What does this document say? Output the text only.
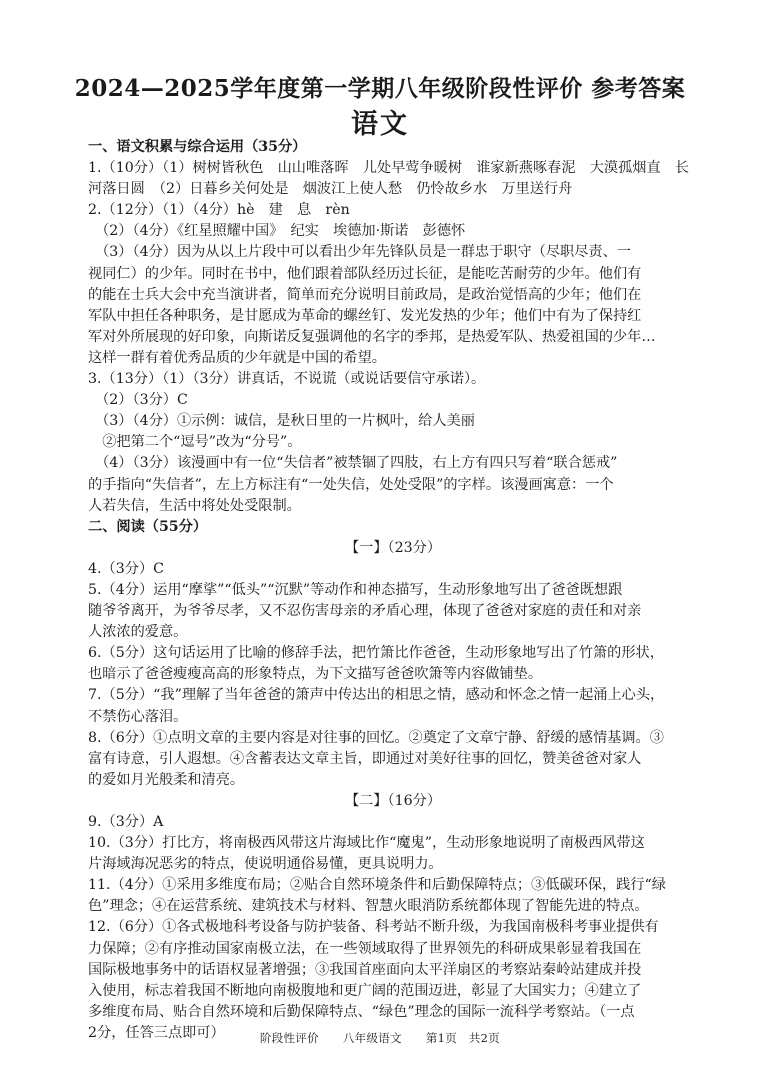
2024—2025学年度第一学期八年级阶段性评价 参考答案
语文
一、语文积累与综合运用（35分）
1.（10分）（1）树树皆秋色　山山唯落晖　儿处早莺争暖树　谁家新燕啄春泥　大漠孤烟直　长
河落日圆　（2）日暮乡关何处是　烟波江上使人愁　仍怜故乡水　万里送行舟
2.（12分）（1）（4分）hè　建　息　rèn
　（2）（4分）《红星照耀中国》　纪实　埃德加·斯诺　彭德怀
　（3）（4分）因为从以上片段中可以看出少年先锋队员是一群忠于职守（尽职尽责、一
视同仁）的少年。同时在书中，他们跟着部队经历过长征，是能吃苦耐劳的少年。他们有
的能在士兵大会中充当演讲者，简单而充分说明目前政局，是政治觉悟高的少年；他们在
军队中担任各种职务，是甘愿成为革命的螺丝钉、发光发热的少年；他们中有为了保持红
军对外所展现的好印象，向斯诺反复强调他的名字的季邦，是热爱军队、热爱祖国的少年…
这样一群有着优秀品质的少年就是中国的希望。
3.（13分）（1）（3分）讲真话，不说谎（或说话要信守承诺）。
　（2）（3分）C
　（3）（4分）①示例：诚信，是秋日里的一片枫叶，给人美丽
　②把第二个“逗号”改为“分号”。
　（4）（3分）该漫画中有一位“失信者”被禁锢了四肢，右上方有四只写着“联合惩戒”
的手指向“失信者”，左上方标注有“一处失信，处处受限”的字样。该漫画寓意：一个
人若失信，生活中将处处受限制。
二、阅读（55分）
【一】（23分）
4.（3分）C
5.（4分）运用“摩挲”“低头”“沉默”等动作和神态描写，生动形象地写出了爸爸既想跟
随爷爷离开，为爷爷尽孝，又不忍伤害母亲的矛盾心理，体现了爸爸对家庭的责任和对亲
人浓浓的爱意。
6.（5分）这句话运用了比喻的修辞手法，把竹箫比作爸爸，生动形象地写出了竹箫的形状，
也暗示了爸爸瘦瘦高高的形象特点，为下文描写爸爸吹箫等内容做铺垫。
7.（5分）“我”理解了当年爸爸的箫声中传达出的相思之情，感动和怀念之情一起涌上心头，
不禁伤心落泪。
8.（6分）①点明文章的主要内容是对往事的回忆。②奠定了文章宁静、舒缓的感情基调。③
富有诗意，引人遐想。④含蓄表达文章主旨，即通过对美好往事的回忆，赞美爸爸对家人
的爱如月光般柔和清亮。
【二】（16分）
9.（3分）A
10.（3分）打比方，将南极西风带这片海域比作“魔鬼”，生动形象地说明了南极西风带这
片海域海况恶劣的特点，使说明通俗易懂，更具说明力。
11.（4分）①采用多维度布局；②贴合自然环境条件和后勤保障特点；③低碳环保，践行“绿
色”理念；④在运营系统、建筑技术与材料、智慧火眼消防系统都体现了智能先进的特点。
12.（6分）①各式极地科考设备与防护装备、科考站不断升级，为我国南极科考事业提供有
力保障；②有序推动国家南极立法，在一些领域取得了世界领先的科研成果彰显着我国在
国际极地事务中的话语权显著增强；③我国首座面向太平洋扇区的考察站秦岭站建成并投
入使用，标志着我国不断地向南极腹地和更广阔的范围迈进，彰显了大国实力；④建立了
多维度布局、贴合自然环境和后勤保障特点、“绿色”理念的国际一流科学考察站。（一点
2分，任答三点即可）	阶段性评价 八年级语文 第1页　共2页
